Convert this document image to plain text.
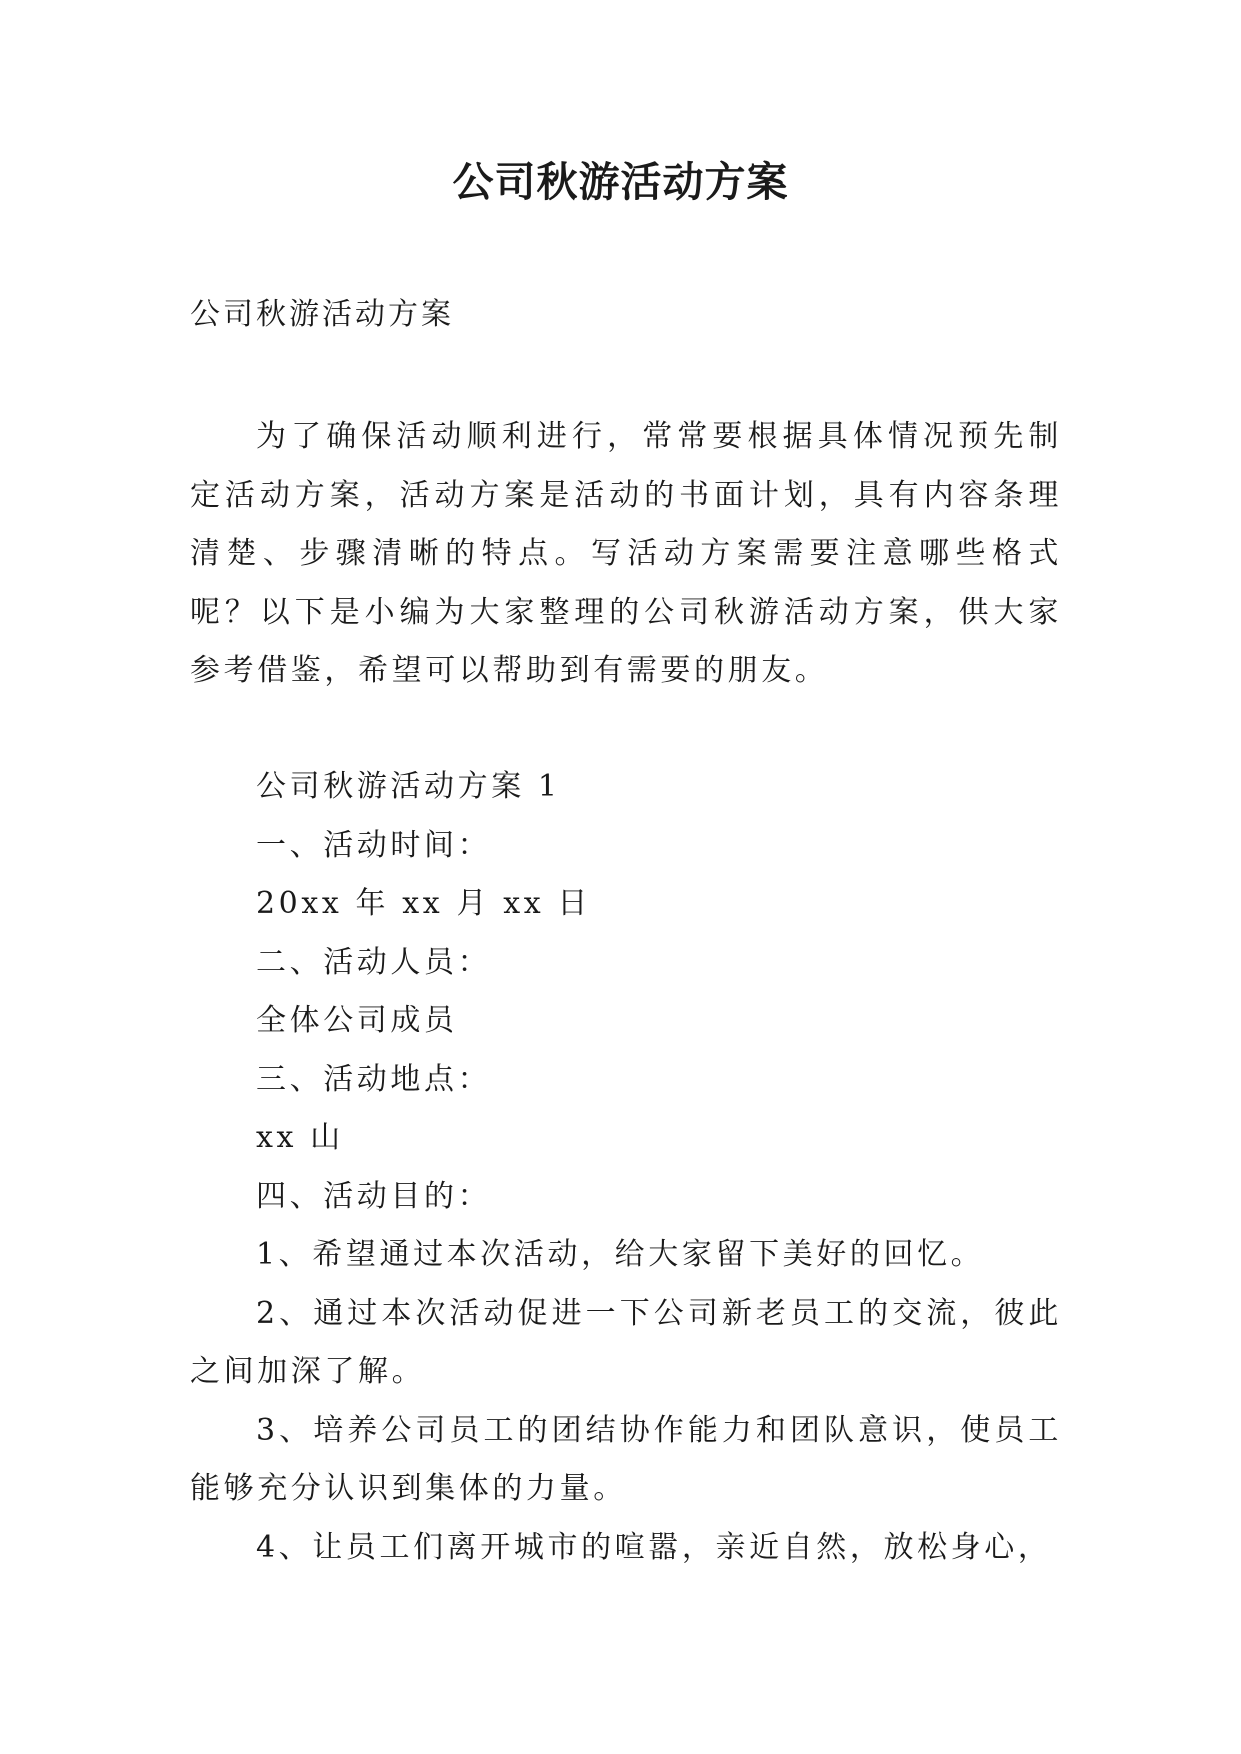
公司秋游活动方案

公司秋游活动方案

为了确保活动顺利进行，常常要根据具体情况预先制定活动方案，活动方案是活动的书面计划，具有内容条理清楚、步骤清晰的特点。写活动方案需要注意哪些格式呢？以下是小编为大家整理的公司秋游活动方案，供大家参考借鉴，希望可以帮助到有需要的朋友。

公司秋游活动方案 1

一、活动时间：

20xx 年 xx 月 xx 日

二、活动人员：

全体公司成员

三、活动地点：

xx 山

四、活动目的：

1、希望通过本次活动，给大家留下美好的回忆。

2、通过本次活动促进一下公司新老员工的交流，彼此之间加深了解。

3、培养公司员工的团结协作能力和团队意识，使员工能够充分认识到集体的力量。

4、让员工们离开城市的喧嚣，亲近自然，放松身心，
